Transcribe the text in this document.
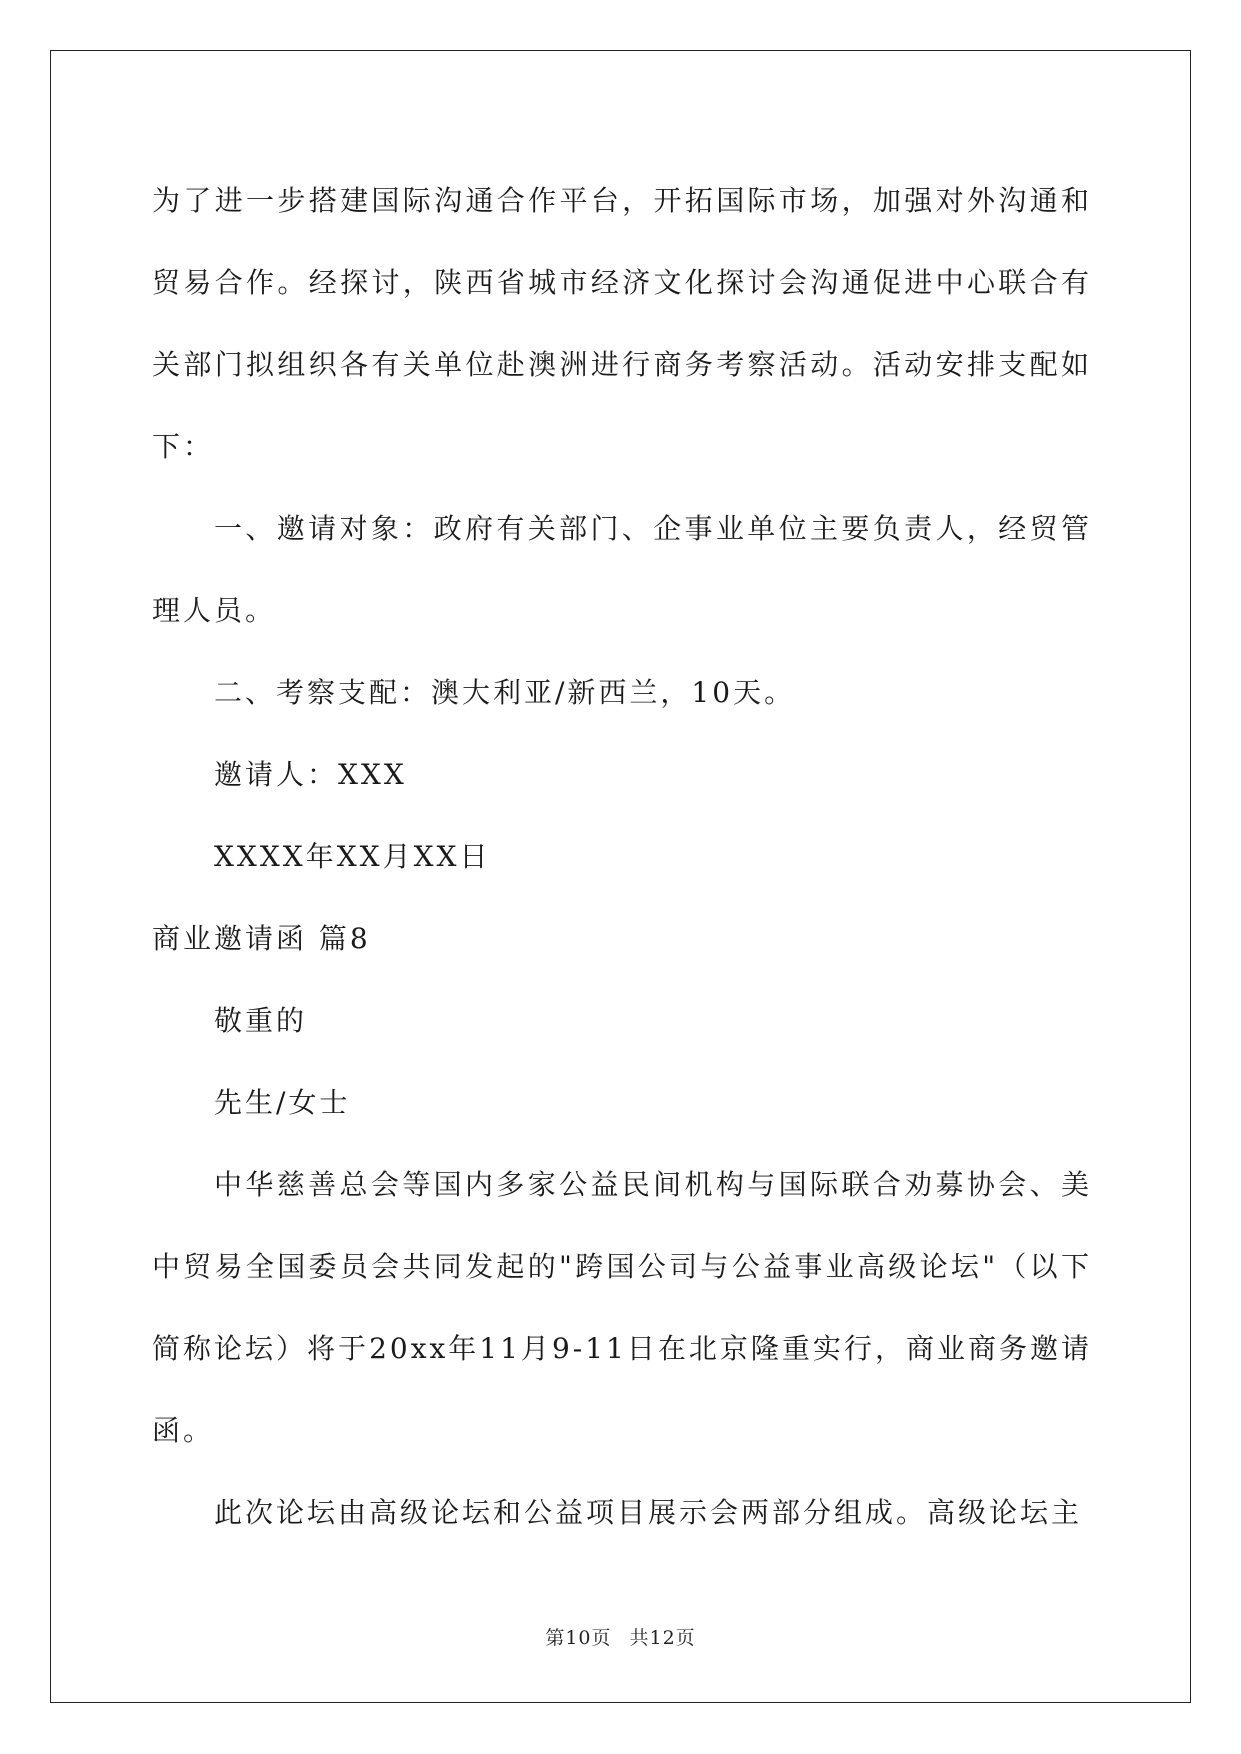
为了进一步搭建国际沟通合作平台，开拓国际市场，加强对外沟通和贸易合作。经探讨，陕西省城市经济文化探讨会沟通促进中心联合有关部门拟组织各有关单位赴澳洲进行商务考察活动。活动安排支配如下：

一、邀请对象：政府有关部门、企事业单位主要负责人，经贸管理人员。

二、考察支配：澳大利亚/新西兰，10天。

邀请人：XXX

XXXX年XX月XX日

商业邀请函 篇8

敬重的

先生/女士

中华慈善总会等国内多家公益民间机构与国际联合劝募协会、美中贸易全国委员会共同发起的"跨国公司与公益事业高级论坛"（以下简称论坛）将于20xx年11月9-11日在北京隆重实行，商业商务邀请函。

此次论坛由高级论坛和公益项目展示会两部分组成。高级论坛主

第10页 共12页
